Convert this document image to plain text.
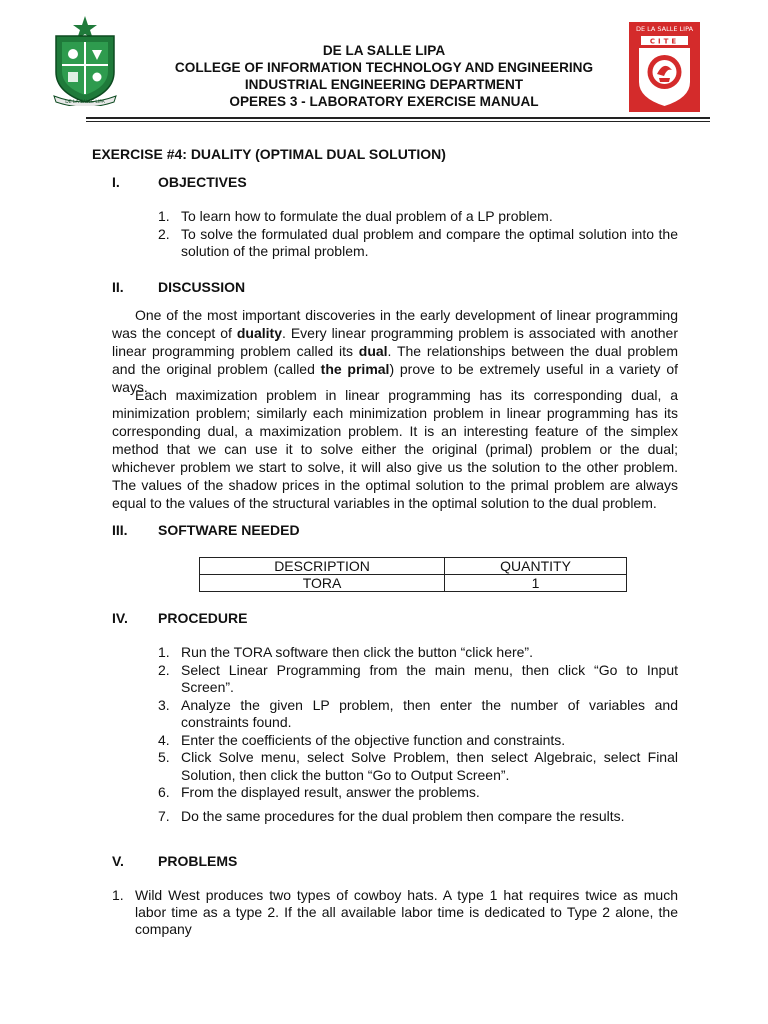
DE LA SALLE LIPA
DE LA SALLE LIPA
COLLEGE OF INFORMATION TECHNOLOGY AND ENGINEERING
INDUSTRIAL ENGINEERING DEPARTMENT
OPERES 3 - LABORATORY EXERCISE MANUAL
DE LA SALLE LIPA
CITE
EXERCISE #4: DUALITY (OPTIMAL DUAL SOLUTION)
I.	OBJECTIVES
1. To learn how to formulate the dual problem of a LP problem.
2. To solve the formulated dual problem and compare the optimal solution into the solution of the primal problem.
II. DISCUSSION

One of the most important discoveries in the early development of linear programming was the concept of duality. Every linear programming problem is associated with another linear programming problem called its dual. The relationships between the dual problem and the original problem (called the primal) prove to be extremely useful in a variety of ways.

Each maximization problem in linear programming has its corresponding dual, a minimization problem; similarly each minimization problem in linear programming has its corresponding dual, a maximization problem. It is an interesting feature of the simplex method that we can use it to solve either the original (primal) problem or the dual; whichever problem we start to solve, it will also give us the solution to the other problem. The values of the shadow prices in the optimal solution to the primal problem are always equal to the values of the structural variables in the optimal solution to the dual problem.

III. SOFTWARE NEEDED
DESCRIPTION	QUANTITY
TORA	1
IV. PROCEDURE
1. Run the TORA software then click the button “click here”.
2. Select Linear Programming from the main menu, then click “Go to Input Screen”.
3. Analyze the given LP problem, then enter the number of variables and constraints found.
4. Enter the coefficients of the objective function and constraints.
5. Click Solve menu, select Solve Problem, then select Algebraic, select Final Solution, then click the button “Go to Output Screen”.
6. From the displayed result, answer the problems.
7. Do the same procedures for the dual problem then compare the results.
V. PROBLEMS
1. Wild West produces two types of cowboy hats. A type 1 hat requires twice as much labor time as a type 2. If the all available labor time is dedicated to Type 2 alone, the company
